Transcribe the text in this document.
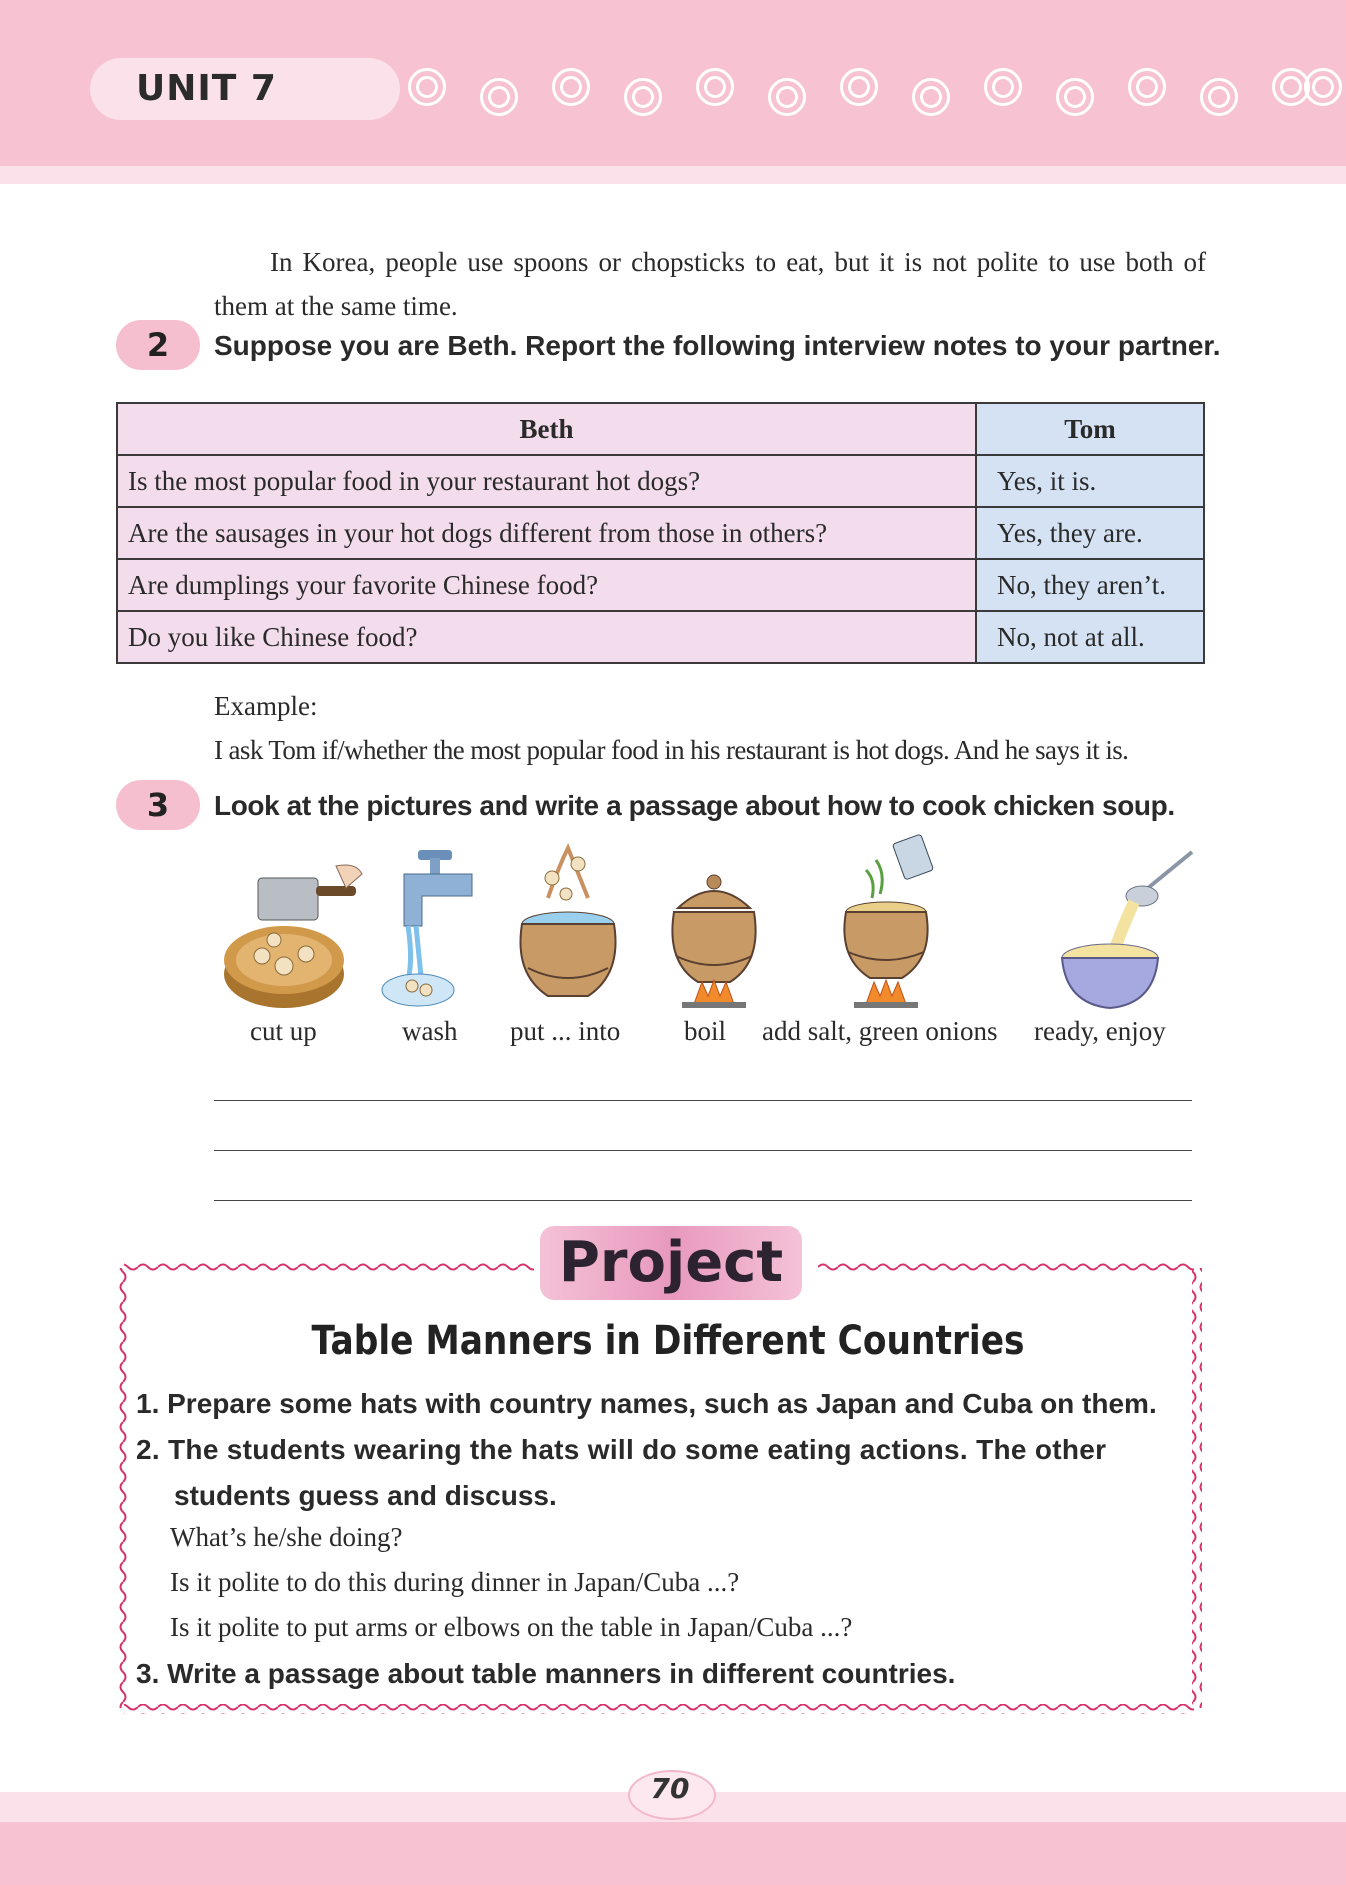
UNIT 7
In Korea, people use spoons or chopsticks to eat, but it is not polite to use both of them at the same time.
2	Suppose you are Beth. Report the following interview notes to your partner.
Beth	Tom
Is the most popular food in your restaurant hot dogs?	Yes, it is.
Are the sausages in your hot dogs different from those in others?	Yes, they are.
Are dumplings your favorite Chinese food?	No, they aren’t.
Do you like Chinese food?	No, not at all.
Example:
I ask Tom if/whether the most popular food in his restaurant is hot dogs. And he says it is.
3	Look at the pictures and write a passage about how to cook chicken soup.
cut up	wash put ... into boil add salt, green onions ready, enjoy
Project
Table Manners in Different Countries
1. Prepare some hats with country names, such as Japan and Cuba on them.
2. The students wearing the hats will do some eating actions. The other
students guess and discuss.
What’s he/she doing?
Is it polite to do this during dinner in Japan/Cuba ...?
Is it polite to put arms or elbows on the table in Japan/Cuba ...?
3. Write a passage about table manners in different countries.
70
